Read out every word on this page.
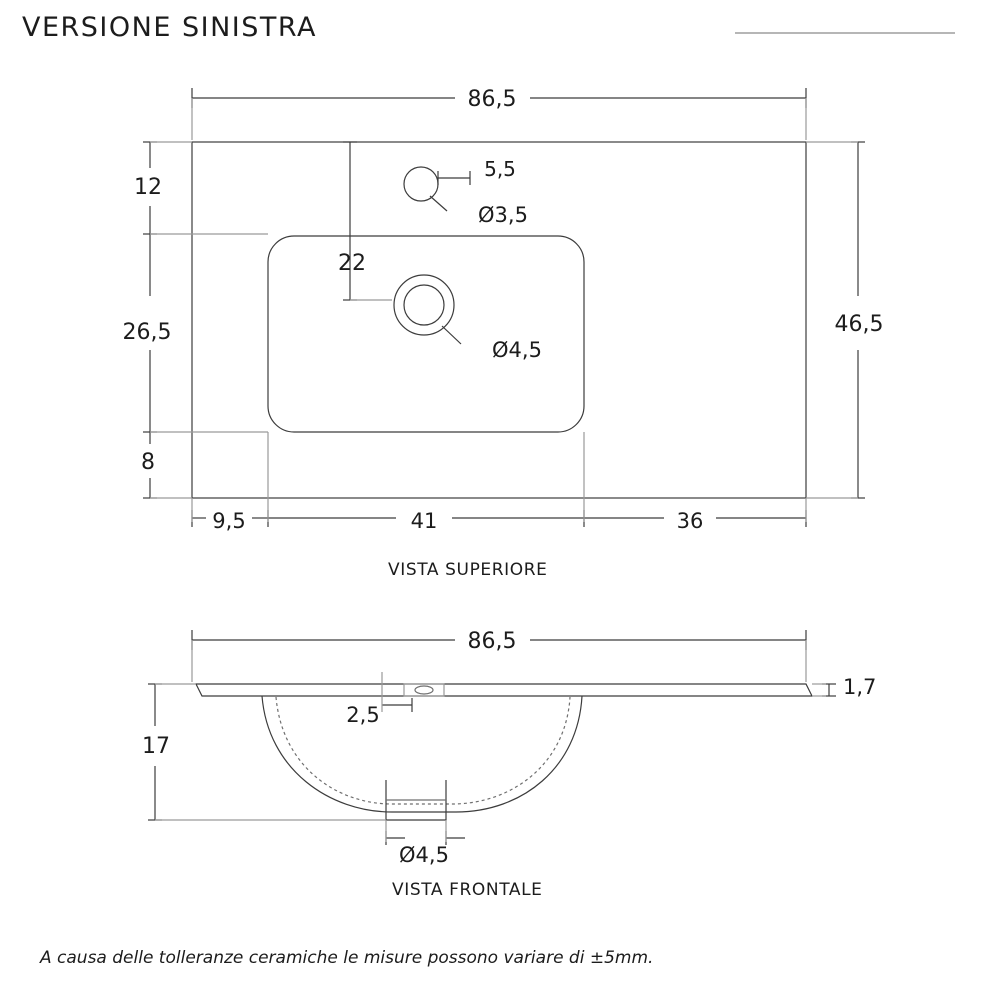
VERSIONE SINISTRA
86,5
5,5
Ø3,5
22
Ø4,5
12
26,5
8
46,5
9,5	41	36
86,5
2,5
1,7
17
Ø4,5
VISTA SUPERIORE
VISTA FRONTALE
A causa delle tolleranze ceramiche le misure possono variare di ±5mm.
